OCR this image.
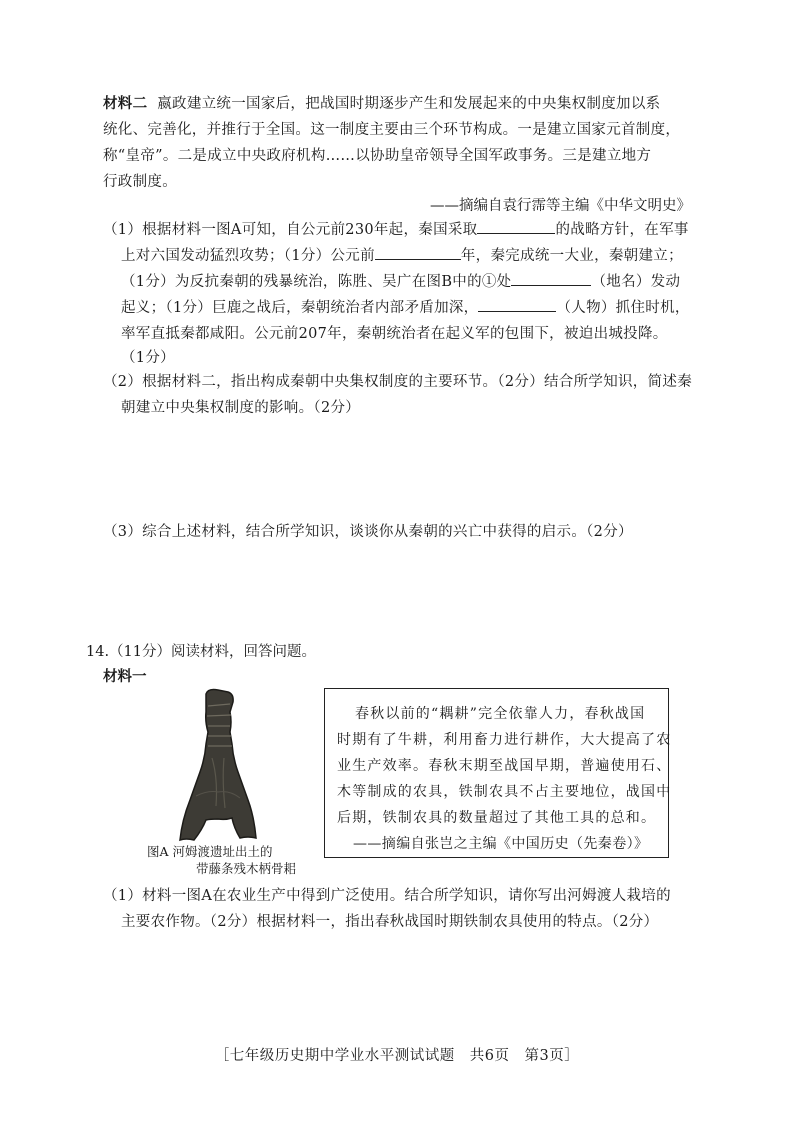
材料二 嬴政建立统一国家后，把战国时期逐步产生和发展起来的中央集权制度加以系
统化、完善化，并推行于全国。这一制度主要由三个环节构成。一是建立国家元首制度，
称“皇帝”。二是成立中央政府机构……以协助皇帝领导全国军政事务。三是建立地方
行政制度。
——摘编自袁行霈等主编《中华文明史》
（1）根据材料一图A可知，自公元前230年起，秦国采取	的战略方针，在军事
上对六国发动猛烈攻势；（1分）公元前	年，秦完成统一大业，秦朝建立；
（1分）为反抗秦朝的残暴统治，陈胜、吴广在图B中的①处	（地名）发动
起义；（1分）巨鹿之战后，秦朝统治者内部矛盾加深，	（人物）抓住时机，
率军直抵秦都咸阳。公元前207年，秦朝统治者在起义军的包围下，被迫出城投降。
（1分）
（2）根据材料二，指出构成秦朝中央集权制度的主要环节。（2分）结合所学知识，简述秦
朝建立中央集权制度的影响。（2分）
（3）综合上述材料，结合所学知识，谈谈你从秦朝的兴亡中获得的启示。（2分）
14.（11分）阅读材料，回答问题。
材料一
图A 河姆渡遗址出土的
带藤条残木柄骨耜
春秋以前的“耦耕”完全依靠人力，春秋战国
时期有了牛耕，利用畜力进行耕作，大大提高了农
业生产效率。春秋末期至战国早期，普遍使用石、
木等制成的农具，铁制农具不占主要地位，战国中
后期，铁制农具的数量超过了其他工具的总和。
——摘编自张岂之主编《中国历史（先秦卷）》
（1）材料一图A在农业生产中得到广泛使用。结合所学知识，请你写出河姆渡人栽培的
主要农作物。（2分）根据材料一，指出春秋战国时期铁制农具使用的特点。（2分）
［七年级历史期中学业水平测试试题　共6页　第3页］
